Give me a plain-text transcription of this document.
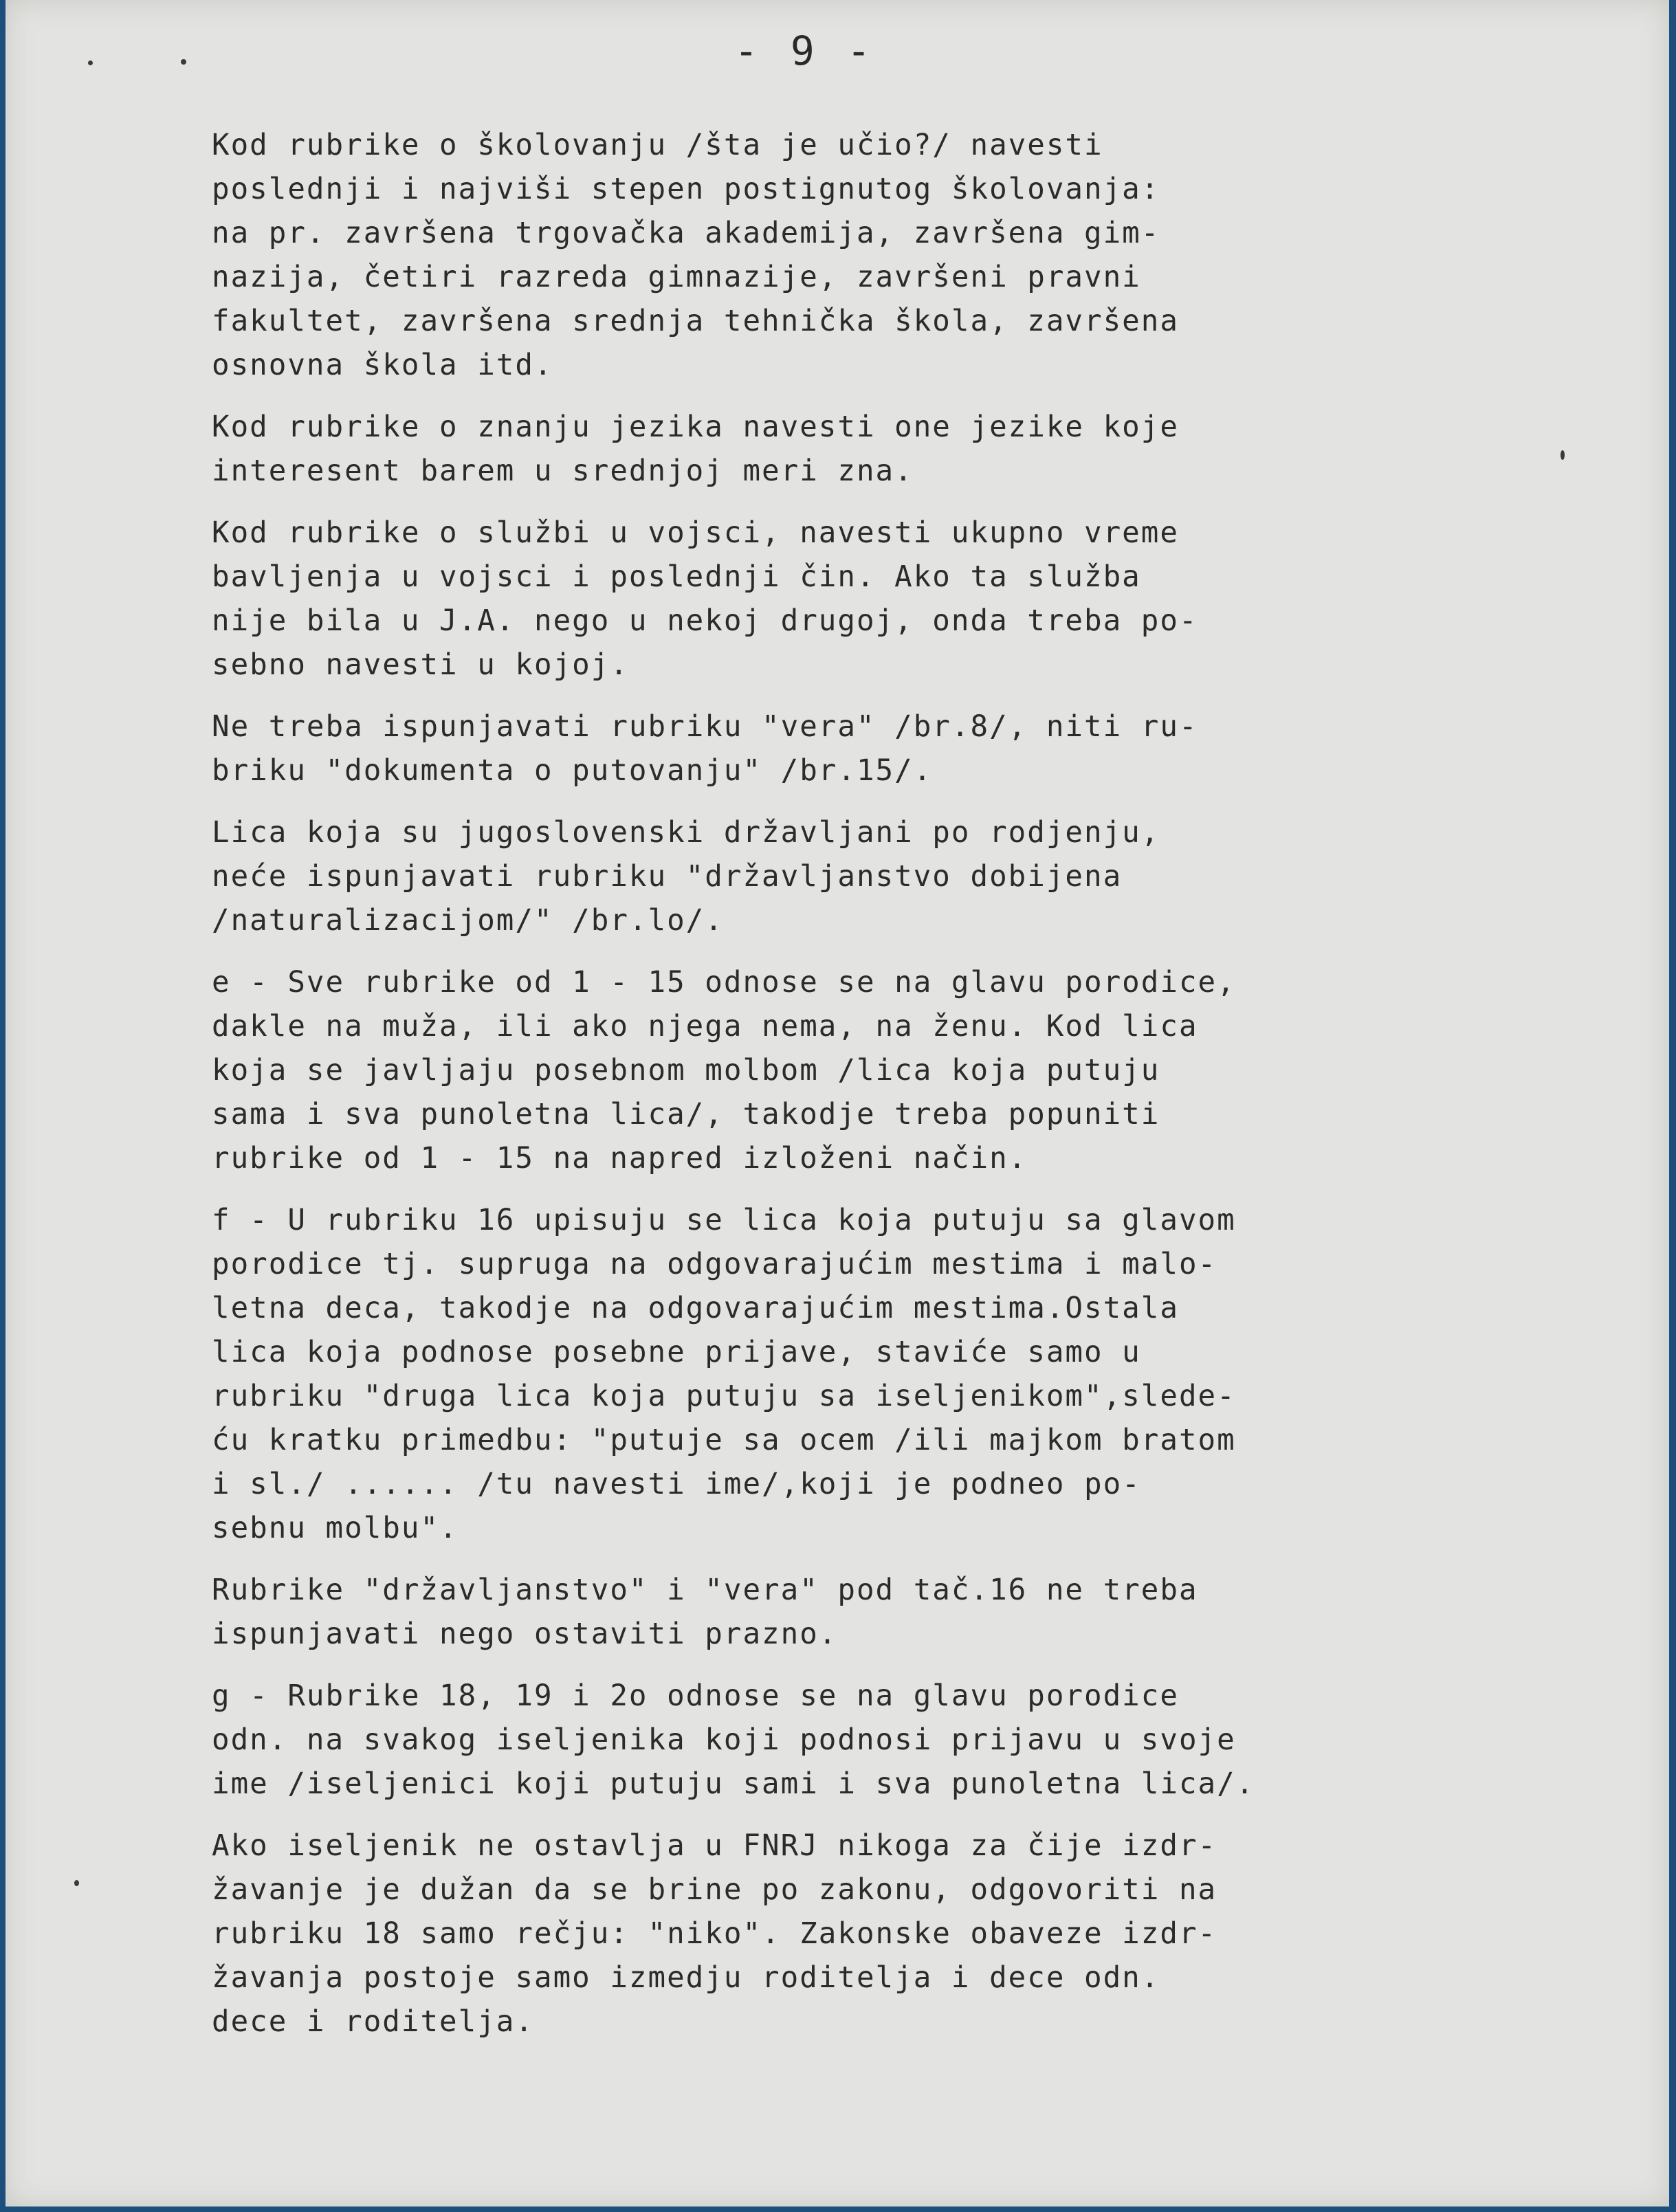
- 9 -

Kod rubrike o školovanju /šta je učio?/ navesti
poslednji i najviši stepen postignutog školovanja:
na pr. završena trgovačka akademija, završena gim-
nazija, četiri razreda gimnazije, završeni pravni
fakultet, završena srednja tehnička škola, završena
osnovna škola itd.

Kod rubrike o znanju jezika navesti one jezike koje
interesent barem u srednjoj meri zna.

Kod rubrike o službi u vojsci, navesti ukupno vreme
bavljenja u vojsci i poslednji čin. Ako ta služba
nije bila u J.A. nego u nekoj drugoj, onda treba po-
sebno navesti u kojoj.

Ne treba ispunjavati rubriku "vera" /br.8/, niti ru-
briku "dokumenta o putovanju" /br.15/.

Lica koja su jugoslovenski državljani po rodjenju,
neće ispunjavati rubriku "državljanstvo dobijena
/naturalizacijom/" /br.lo/.

e - Sve rubrike od 1 - 15 odnose se na glavu porodice,
dakle na muža, ili ako njega nema, na ženu. Kod lica
koja se javljaju posebnom molbom /lica koja putuju
sama i sva punoletna lica/, takodje treba popuniti
rubrike od 1 - 15 na napred izloženi način.

f - U rubriku 16 upisuju se lica koja putuju sa glavom
porodice tj. supruga na odgovarajućim mestima i malo-
letna deca, takodje na odgovarajućim mestima.Ostala
lica koja podnose posebne prijave, staviće samo u
rubriku "druga lica koja putuju sa iseljenikom",slede-
ću kratku primedbu: "putuje sa ocem /ili majkom bratom
i sl./ ...... /tu navesti ime/,koji je podneo po-
sebnu molbu".

Rubrike "državljanstvo" i "vera" pod tač.16 ne treba
ispunjavati nego ostaviti prazno.

g - Rubrike 18, 19 i 2o odnose se na glavu porodice
odn. na svakog iseljenika koji podnosi prijavu u svoje
ime /iseljenici koji putuju sami i sva punoletna lica/.

Ako iseljenik ne ostavlja u FNRJ nikoga za čije izdr-
žavanje je dužan da se brine po zakonu, odgovoriti na
rubriku 18 samo rečju: "niko". Zakonske obaveze izdr-
žavanja postoje samo izmedju roditelja i dece odn.
dece i roditelja.
